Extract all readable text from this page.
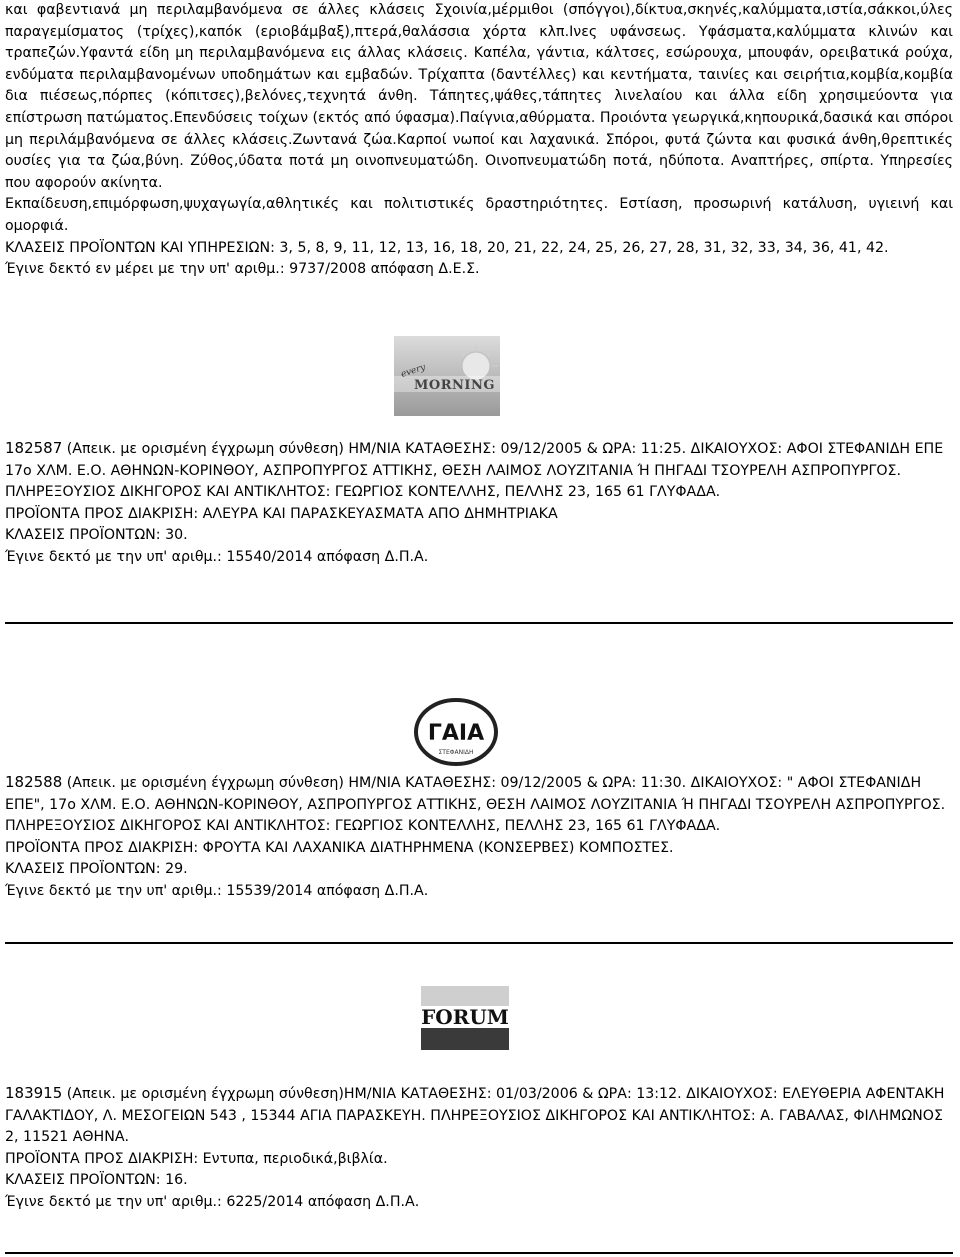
και φαβεντιανά μη περιλαμβανόμενα σε άλλες κλάσεις Σχοινία,μέρμιθοι (σπόγγοι),δίκτυα,σκηνές,καλύμματα,ιστία,σάκκοι,ύλες παραγεμίσματος (τρίχες),καπόκ (εριοβάμβαξ),πτερά,θαλάσσια χόρτα κλπ.Ινες υφάνσεως. Υφάσματα,καλύμματα κλινών και τραπεζών.Υφαντά είδη μη περιλαμβανόμενα εις άλλας κλάσεις. Καπέλα, γάντια, κάλτσες, εσώρουχα, μπουφάν, ορειβατικά ρούχα, ενδύματα περιλαμβανομένων υποδημάτων και εμβαδών. Τρίχαπτα (δαντέλλες) και κεντήματα, ταινίες και σειρήτια,κομβία,κομβία δια πιέσεως,πόρπες (κόπιτσες),βελόνες,τεχνητά άνθη. Τάπητες,ψάθες,τάπητες λινελαίου και άλλα είδη χρησιμεύοντα για επίστρωση πατώματος.Επενδύσεις τοίχων (εκτός από ύφασμα).Παίγνια,αθύρματα. Προιόντα γεωργικά,κηπουρικά,δασικά και σπόροι μη περιλάμβανόμενα σε άλλες κλάσεις.Ζωντανά ζώα.Καρποί νωποί και λαχανικά. Σπόροι, φυτά ζώντα και φυσικά άνθη,θρεπτικές ουσίες για τα ζώα,βύνη. Ζύθος,ύδατα ποτά μη οινοπνευματώδη. Οινοπνευματώδη ποτά, ηδύποτα. Αναπτήρες, σπίρτα. Υπηρεσίες που αφορούν ακίνητα.

Εκπαίδευση,επιμόρφωση,ψυχαγωγία,αθλητικές και πολιτιστικές δραστηριότητες. Εστίαση, προσωρινή κατάλυση, υγιεινή και ομορφιά.

ΚΛΑΣΕΙΣ ΠΡΟΪΟΝΤΩΝ ΚΑΙ ΥΠΗΡΕΣΙΩΝ: 3, 5, 8, 9, 11, 12, 13, 16, 18, 20, 21, 22, 24, 25, 26, 27, 28, 31, 32, 33, 34, 36, 41, 42.

Έγινε δεκτό εν μέρει με την υπ' αριθμ.: 9737/2008 απόφαση Δ.Ε.Σ.

every
MORNING

182587 (Απεικ. με ορισμένη έγχρωμη σύνθεση) ΗΜ/ΝΙΑ ΚΑΤΑΘΕΣΗΣ: 09/12/2005 & ΩΡΑ: 11:25. ΔΙΚΑΙΟΥΧΟΣ: ΑΦΟΙ ΣΤΕΦΑΝΙΔΗ ΕΠΕ 17ο ΧΛΜ. Ε.Ο. ΑΘΗΝΩΝ-ΚΟΡΙΝΘΟΥ, ΑΣΠΡΟΠΥΡΓΟΣ ΑΤΤΙΚΗΣ, ΘΕΣΗ ΛΑΙΜΟΣ ΛΟΥΖΙΤΑΝΙΑ Ή ΠΗΓΑΔΙ ΤΣΟΥΡΕΛΗ ΑΣΠΡΟΠΥΡΓΟΣ. ΠΛΗΡΕΞΟΥΣΙΟΣ ΔΙΚΗΓΟΡΟΣ ΚΑΙ ΑΝΤΙΚΛΗΤΟΣ: ΓΕΩΡΓΙΟΣ ΚΟΝΤΕΛΛΗΣ, ΠΕΛΛΗΣ 23, 165 61 ΓΛΥΦΑΔΑ.

ΠΡΟΪΟΝΤΑ ΠΡΟΣ ΔΙΑΚΡΙΣΗ: ΑΛΕΥΡΑ ΚΑΙ ΠΑΡΑΣΚΕΥΑΣΜΑΤΑ ΑΠΟ ΔΗΜΗΤΡΙΑΚΑ

ΚΛΑΣΕΙΣ ΠΡΟΪΟΝΤΩΝ: 30.

Έγινε δεκτό με την υπ' αριθμ.: 15540/2014 απόφαση Δ.Π.Α.

ΓΑΙΑ
ΣΤΕΦΑΝΙΔΗ

182588 (Απεικ. με ορισμένη έγχρωμη σύνθεση) ΗΜ/ΝΙΑ ΚΑΤΑΘΕΣΗΣ: 09/12/2005 & ΩΡΑ: 11:30. ΔΙΚΑΙΟΥΧΟΣ: " ΑΦΟΙ ΣΤΕΦΑΝΙΔΗ ΕΠΕ", 17ο ΧΛΜ. Ε.Ο. ΑΘΗΝΩΝ-ΚΟΡΙΝΘΟΥ, ΑΣΠΡΟΠΥΡΓΟΣ ΑΤΤΙΚΗΣ, ΘΕΣΗ ΛΑΙΜΟΣ ΛΟΥΖΙΤΑΝΙΑ Ή ΠΗΓΑΔΙ ΤΣΟΥΡΕΛΗ ΑΣΠΡΟΠΥΡΓΟΣ. ΠΛΗΡΕΞΟΥΣΙΟΣ ΔΙΚΗΓΟΡΟΣ ΚΑΙ ΑΝΤΙΚΛΗΤΟΣ: ΓΕΩΡΓΙΟΣ ΚΟΝΤΕΛΛΗΣ, ΠΕΛΛΗΣ 23, 165 61 ΓΛΥΦΑΔΑ.

ΠΡΟΪΟΝΤΑ ΠΡΟΣ ΔΙΑΚΡΙΣΗ: ΦΡΟΥΤΑ ΚΑΙ ΛΑΧΑΝΙΚΑ ΔΙΑΤΗΡΗΜΕΝΑ (ΚΟΝΣΕΡΒΕΣ) ΚΟΜΠΟΣΤΕΣ.

ΚΛΑΣΕΙΣ ΠΡΟΪΟΝΤΩΝ: 29.

Έγινε δεκτό με την υπ' αριθμ.: 15539/2014 απόφαση Δ.Π.Α.

FORUM

183915 (Απεικ. με ορισμένη έγχρωμη σύνθεση)ΗΜ/ΝΙΑ ΚΑΤΑΘΕΣΗΣ: 01/03/2006 & ΩΡΑ: 13:12. ΔΙΚΑΙΟΥΧΟΣ: ΕΛΕΥΘΕΡΙΑ ΑΦΕΝΤΑΚΗ ΓΑΛΑΚΤΙΔΟΥ, Λ. ΜΕΣΟΓΕΙΩΝ 543 , 15344 ΑΓΙΑ ΠΑΡΑΣΚΕΥΗ. ΠΛΗΡΕΞΟΥΣΙΟΣ ΔΙΚΗΓΟΡΟΣ ΚΑΙ ΑΝΤΙΚΛΗΤΟΣ: Α. ΓΑΒΑΛΑΣ, ΦΙΛΗΜΩΝΟΣ 2, 11521 ΑΘΗΝΑ.

ΠΡΟΪΟΝΤΑ ΠΡΟΣ ΔΙΑΚΡΙΣΗ: Εντυπα, περιοδικά,βιβλία.

ΚΛΑΣΕΙΣ ΠΡΟΪΟΝΤΩΝ: 16.

Έγινε δεκτό με την υπ' αριθμ.: 6225/2014 απόφαση Δ.Π.Α.
